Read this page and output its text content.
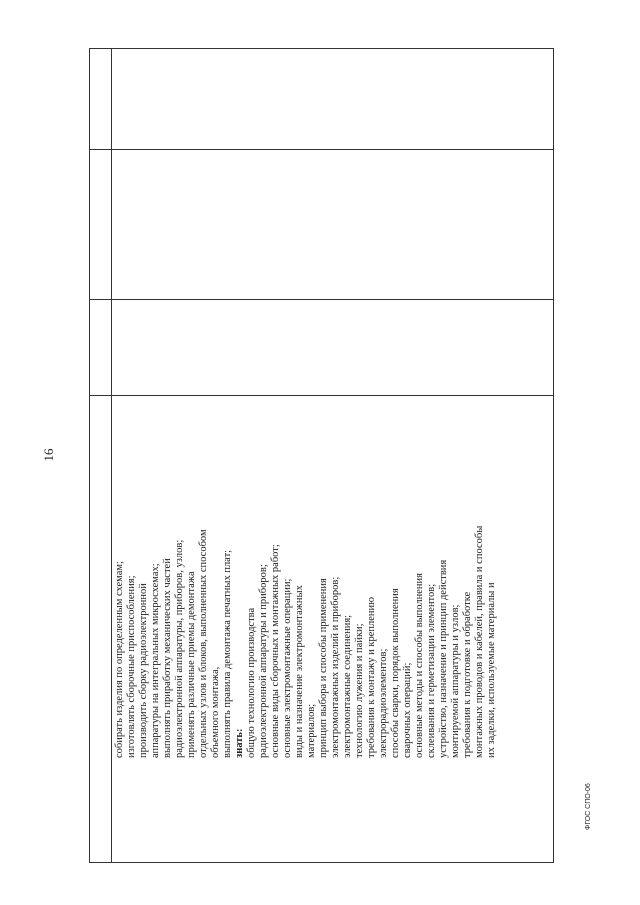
16
собирать изделия по определенным схемам; изготовлять сборочные приспособления; производить сборку радиоэлектронной аппаратуры на интегральных микросхемах; выполнять приработку механических частей радиоэлектронной аппаратуры, приборов, узлов; применять различные приемы демонтажа отдельных узлов и блоков, выполненных способом объемного монтажа, выполнять правила демонтажа печатных плат; знать: общую технологию производства радиоэлектронной аппаратуры и приборов; основные виды сборочных и монтажных работ; основные электромонтажные операции; виды и назначение электромонтажных материалов; принцип выбора и способы применения электромонтажных изделий и приборов; электромонтажные соединения; технологию лужения и пайки; требования к монтажу и креплению электрорадиоэлементов; способы сварки, порядок выполнения сварочных операций; основные методы и способы выполнения склеивания и герметизации элементов; устройство, назначение и принцип действия монтируемой аппаратуры и узлов; требования к подготовке и обработке монтажных проводов и кабелей, правила и способы их заделки, используемые материалы и
ФГОС СПО-06
